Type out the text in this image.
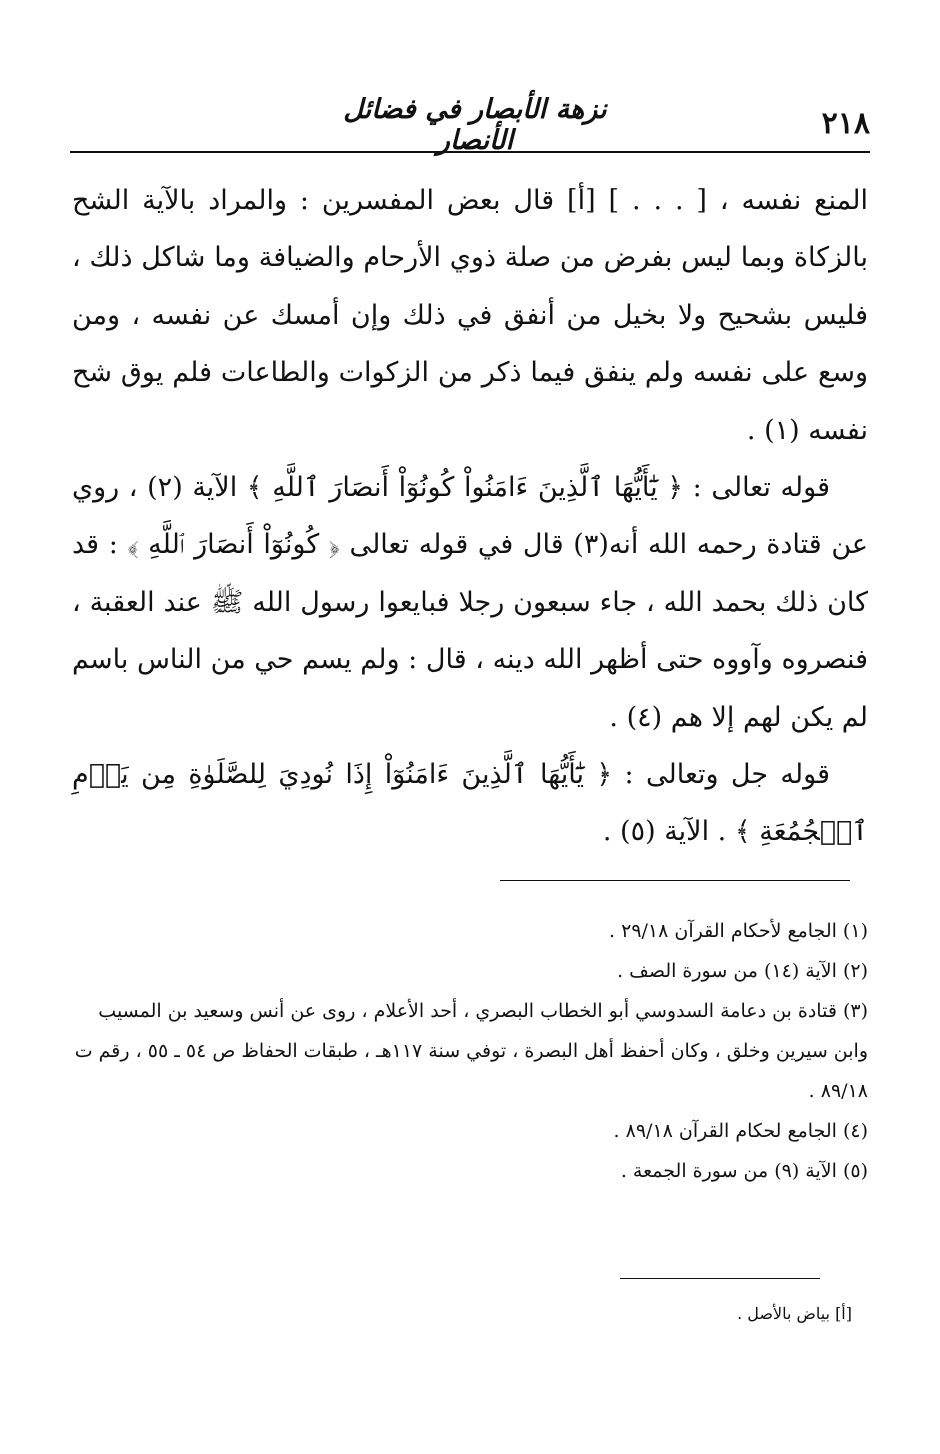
٢١٨
نزهة الأبصار في فضائل الأنصار

المنع نفسه ، [ . . . ] [أ] قال بعض المفسرين : والمراد بالآية الشح بالزكاة وبما ليس بفرض من صلة ذوي الأرحام والضيافة وما شاكل ذلك ، فليس بشحيح ولا بخيل من أنفق في ذلك وإن أمسك عن نفسه ، ومن وسع على نفسه ولم ينفق فيما ذكر من الزكوات والطاعات فلم يوق شح نفسه (١) .

قوله تعالى : ﴿ يَٰٓأَيُّهَا ٱلَّذِينَ ءَامَنُواْ كُونُوٓاْ أَنصَارَ ٱللَّهِ ﴾ الآية (٢) ، روي عن قتادة رحمه الله أنه(٣) قال في قوله تعالى ﴿ كُونُوٓاْ أَنصَارَ ٱللَّهِ ﴾ : قد كان ذلك بحمد الله ، جاء سبعون رجلا فبايعوا رسول الله ﷺ عند العقبة ، فنصروه وآووه حتى أظهر الله دينه ، قال : ولم يسم حي من الناس باسم لم يكن لهم إلا هم (٤) .

قوله جل وتعالى : ﴿ يَٰٓأَيُّهَا ٱلَّذِينَ ءَامَنُوٓاْ إِذَا نُودِيَ لِلصَّلَوٰةِ مِن يَوۡمِ ٱلۡجُمُعَةِ ﴾ . الآية (٥) .

(١) الجامع لأحكام القرآن ٢٩/١٨ .

(٢) الآية (١٤) من سورة الصف .

(٣) قتادة بن دعامة السدوسي أبو الخطاب البصري ، أحد الأعلام ، روى عن أنس وسعيد بن المسيب وابن سيرين وخلق ، وكان أحفظ أهل البصرة ، توفي سنة ١١٧هـ ، طبقات الحفاظ ص ٥٤ ـ ٥٥ ، رقم ت ٨٩/١٨ .

(٤) الجامع لحكام القرآن ٨٩/١٨ .

(٥) الآية (٩) من سورة الجمعة .

[أ] بياض بالأصل .
